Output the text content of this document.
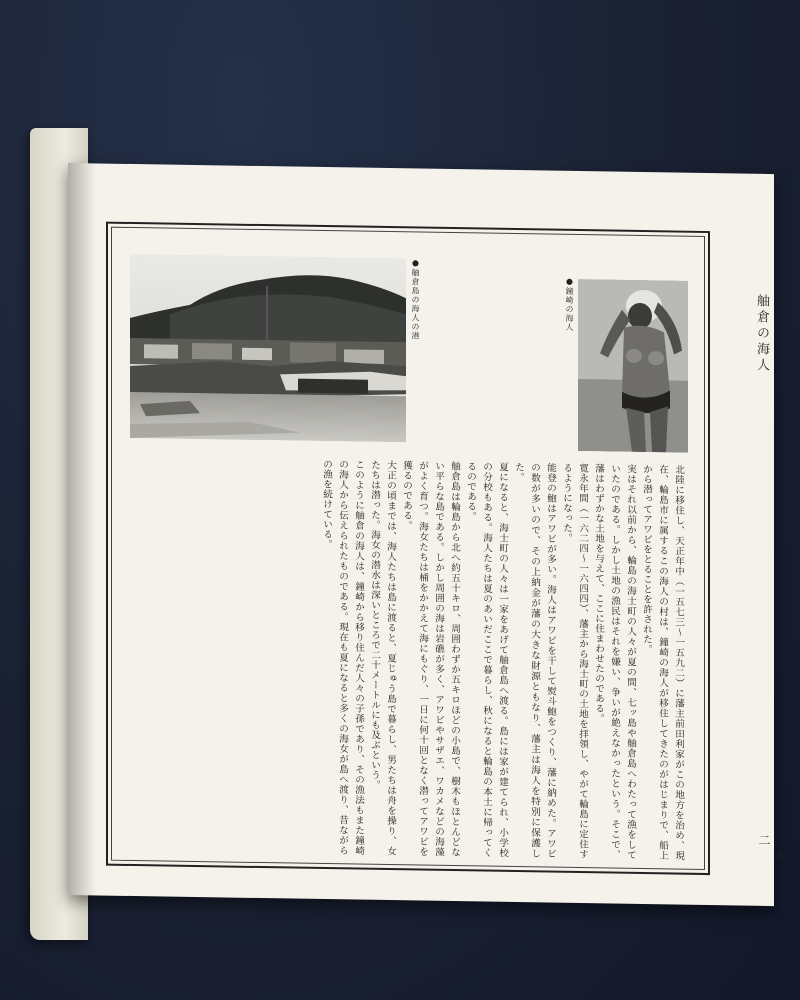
●舳倉島の海人の港	●鐘崎の海人	舳倉の海人
一五二

北陸に移住し、天正年中（一五七三～一五九二）に藩主前田利家がこの地方を治め、現在、輪島市に属するこの海人の村は、鐘崎の海人が移住してきたのがはじまりで、船上から潜ってアワビをとることを許された。

実はそれ以前から、輪島の海士町の人々が夏の間、七ッ島や舳倉島へわたって漁をしていたのである。しかし土地の漁民はそれを嫌い、争いが絶えなかったという。そこで、藩はわずかな土地を与えて、ここに住まわせたのである。

寛永年間（一六二四～一六四四）、藩主から海士町の土地を拝領し、やがて輪島に定住するようになった。

能登の鮑はアワビが多い。海人はアワビを干して熨斗鮑をつくり、藩に納めた。アワビの数が多いので、その上納金が藩の大きな財源ともなり、藩主は海人を特別に保護した。

夏になると、海士町の人々は一家をあげて舳倉島へ渡る。島には家が建てられ、小学校の分校もある。海人たちは夏のあいだここで暮らし、秋になると輪島の本土に帰ってくるのである。

舳倉島は輪島から北へ約五十キロ、周囲わずか五キロほどの小島で、樹木もほとんどない平らな島である。しかし周囲の海は岩礁が多く、アワビやサザエ、ワカメなどの海藻がよく育つ。海女たちは桶をかかえて海にもぐり、一日に何十回となく潜ってアワビを獲るのである。

大正の頃までは、海人たちは島に渡ると、夏じゅう島で暮らし、男たちは舟を操り、女たちは潜った。海女の潜水は深いところで二十メートルにも及ぶという。

このように舳倉の海人は、鐘崎から移り住んだ人々の子孫であり、その漁法もまた鐘崎の海人から伝えられたものである。現在も夏になると多くの海女が島へ渡り、昔ながらの漁を続けている。
